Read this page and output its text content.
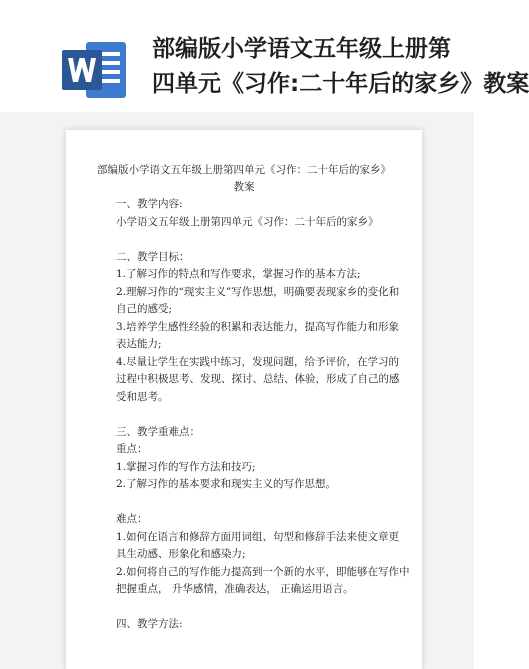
部编版小学语文五年级上册第
四单元《习作:二十年后的家乡》教案
部编版小学语文五年级上册第四单元《习作：二十年后的家乡》
教案
一、教学内容:
小学语文五年级上册第四单元《习作：二十年后的家乡》
二、教学目标：
1.了解习作的特点和写作要求，掌握习作的基本方法;
2.理解习作的“现实主义”写作思想，明确要表现家乡的变化和
自己的感受;
3.培养学生感性经验的积累和表达能力，提高写作能力和形象
表达能力;
4.尽量让学生在实践中练习，发现问题，给予评价，在学习的
过程中积极思考、发现、探讨、总结、体验，形成了自己的感
受和思考。
三、教学重难点：
重点：
1.掌握习作的写作方法和技巧;
2.了解习作的基本要求和现实主义的写作思想。
难点：
1.如何在语言和修辞方面用词组、句型和修辞手法来使文章更
具生动感、形象化和感染力;
2.如何将自己的写作能力提高到一个新的水平，即能够在写作中
把握重点， 升华感情，准确表达， 正确运用语言。
四、教学方法:
